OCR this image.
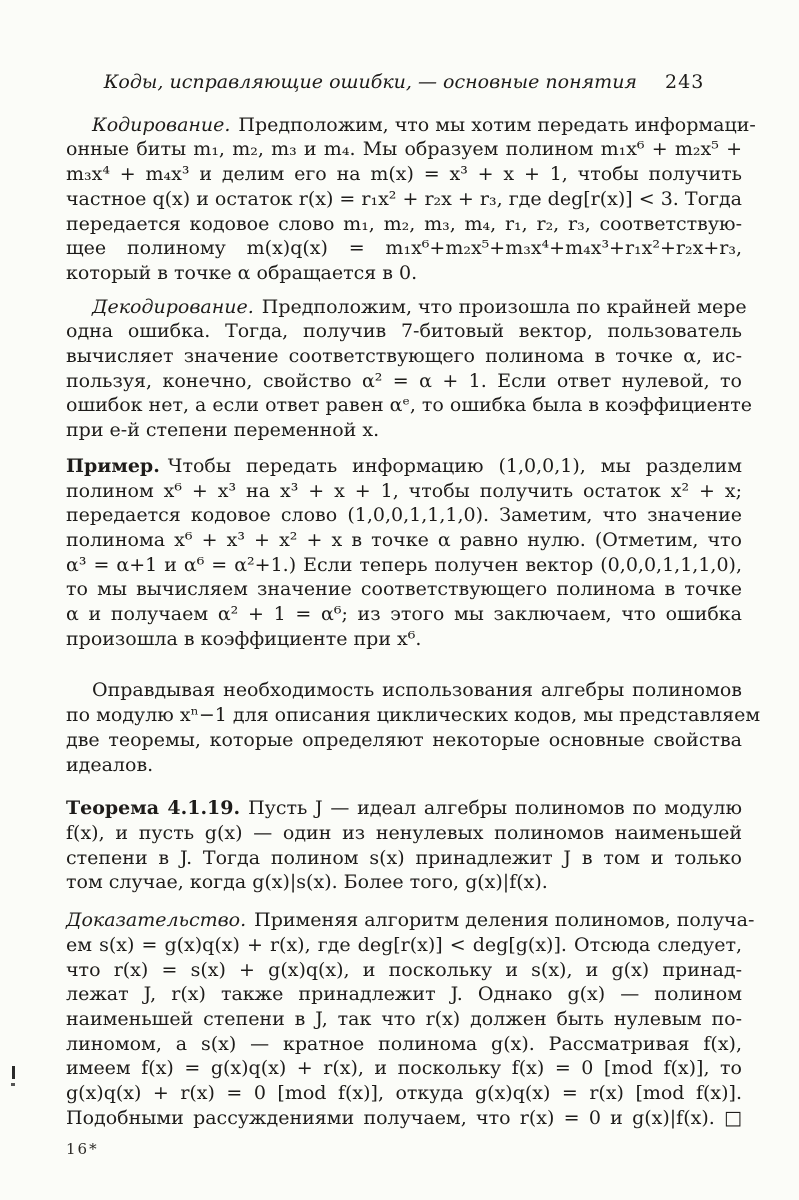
Коды, исправляющие ошибки, — основные понятия 243

Кодирование. Предположим, что мы хотим передать информаци-
онные биты m₁, m₂, m₃ и m₄. Мы образуем полином m₁x⁶ + m₂x⁵ +
m₃x⁴ + m₄x³ и делим его на m(x) = x³ + x + 1, чтобы получить
частное q(x) и остаток r(x) = r₁x² + r₂x + r₃, где deg[r(x)] < 3. Тогда
передается кодовое слово m₁, m₂, m₃, m₄, r₁, r₂, r₃, соответствую-
щее полиному m(x)q(x) = m₁x⁶+m₂x⁵+m₃x⁴+m₄x³+r₁x²+r₂x+r₃,
который в точке α обращается в 0.

Декодирование. Предположим, что произошла по крайней мере
одна ошибка. Тогда, получив 7-битовый вектор, пользователь
вычисляет значение соответствующего полинома в точке α, ис-
пользуя, конечно, свойство α² = α + 1. Если ответ нулевой, то
ошибок нет, а если ответ равен αᵉ, то ошибка была в коэффициенте
при e-й степени переменной x.

Пример. Чтобы передать информацию (1,0,0,1), мы разделим
полином x⁶ + x³ на x³ + x + 1, чтобы получить остаток x² + x;
передается кодовое слово (1,0,0,1,1,1,0). Заметим, что значение
полинома x⁶ + x³ + x² + x в точке α равно нулю. (Отметим, что
α³ = α+1 и α⁶ = α²+1.) Если теперь получен вектор (0,0,0,1,1,1,0),
то мы вычисляем значение соответствующего полинома в точке
α и получаем α² + 1 = α⁶; из этого мы заключаем, что ошибка
произошла в коэффициенте при x⁶.

Оправдывая необходимость использования алгебры полиномов
по модулю xⁿ−1 для описания циклических кодов, мы представляем
две теоремы, которые определяют некоторые основные свойства
идеалов.

Теорема 4.1.19. Пусть J — идеал алгебры полиномов по модулю
f(x), и пусть g(x) — один из ненулевых полиномов наименьшей
степени в J. Тогда полином s(x) принадлежит J в том и только
том случае, когда g(x)|s(x). Более того, g(x)|f(x).

Доказательство. Применяя алгоритм деления полиномов, получа-
ем s(x) = g(x)q(x) + r(x), где deg[r(x)] < deg[g(x)]. Отсюда следует,
что r(x) = s(x) + g(x)q(x), и поскольку и s(x), и g(x) принад-
лежат J, r(x) также принадлежит J. Однако g(x) — полином
наименьшей степени в J, так что r(x) должен быть нулевым по-
линомом, а s(x) — кратное полинома g(x). Рассматривая f(x),
имеем f(x) = g(x)q(x) + r(x), и поскольку f(x) = 0 [mod f(x)], то
g(x)q(x) + r(x) = 0 [mod f(x)], откуда g(x)q(x) = r(x) [mod f(x)].
Подобными рассуждениями получаем, что r(x) = 0 и g(x)|f(x). □

16*
